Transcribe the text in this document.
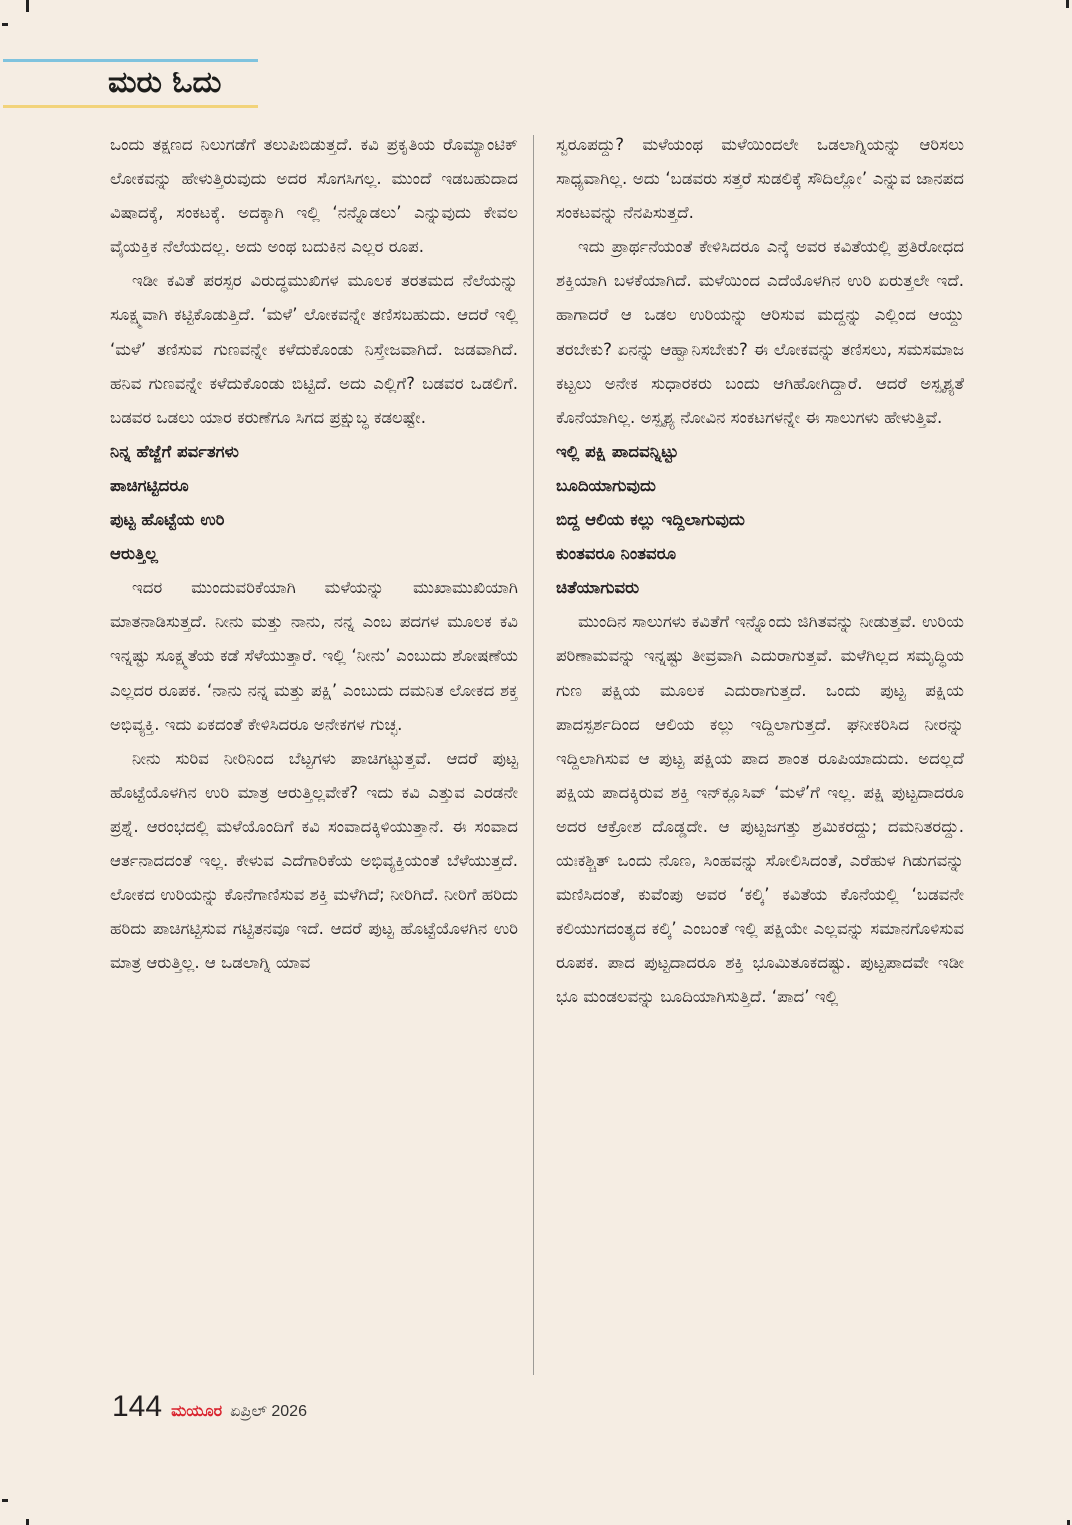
ಮರು ಓದು

ಒಂದು ತಕ್ಷಣದ ನಿಲುಗಡೆಗೆ ತಲುಪಿಬಿಡುತ್ತದೆ. ಕವಿ ಪ್ರಕೃತಿಯ ರೊಮ್ಯಾಂಟಿಕ್ ಲೋಕವನ್ನು ಹೇಳುತ್ತಿರುವುದು ಅದರ ಸೊಗಸಿಗಲ್ಲ. ಮುಂದೆ ಇಡಬಹುದಾದ ವಿಷಾದಕ್ಕೆ, ಸಂಕಟಕ್ಕೆ. ಅದಕ್ಕಾಗಿ ಇಲ್ಲಿ ‘ನನ್ನೊಡಲು’ ಎನ್ನುವುದು ಕೇವಲ ವೈಯಕ್ತಿಕ ನೆಲೆಯದಲ್ಲ. ಅದು ಅಂಥ ಬದುಕಿನ ಎಲ್ಲರ ರೂಪ.

ಇಡೀ ಕವಿತೆ ಪರಸ್ಪರ ವಿರುದ್ಧಮುಖಿಗಳ ಮೂಲಕ ತರತಮದ ನೆಲೆಯನ್ನು ಸೂಕ್ಷ್ಮವಾಗಿ ಕಟ್ಟಿಕೊಡುತ್ತಿದೆ. ‘ಮಳೆ’ ಲೋಕವನ್ನೇ ತಣಿಸಬಹುದು. ಆದರೆ ಇಲ್ಲಿ ‘ಮಳೆ’ ತಣಿಸುವ ಗುಣವನ್ನೇ ಕಳೆದುಕೊಂಡು ನಿಸ್ತೇಜವಾಗಿದೆ. ಜಡವಾಗಿದೆ. ಹನಿವ ಗುಣವನ್ನೇ ಕಳೆದುಕೊಂಡು ಬಿಟ್ಟಿದೆ. ಅದು ಎಲ್ಲಿಗೆ? ಬಡವರ ಒಡಲಿಗೆ. ಬಡವರ ಒಡಲು ಯಾರ ಕರುಣೆಗೂ ಸಿಗದ ಪ್ರಕ್ಷುಬ್ಧ ಕಡಲಷ್ಟೇ.

ನಿನ್ನ ಹೆಜ್ಜೆಗೆ ಪರ್ವತಗಳು
ಪಾಚಿಗಟ್ಟಿದರೂ
ಪುಟ್ಟ ಹೊಟ್ಟೆಯ ಉರಿ
ಆರುತ್ತಿಲ್ಲ

ಇದರ ಮುಂದುವರಿಕೆಯಾಗಿ ಮಳೆಯನ್ನು ಮುಖಾಮುಖಿಯಾಗಿ ಮಾತನಾಡಿಸುತ್ತದೆ. ನೀನು ಮತ್ತು ನಾನು, ನನ್ನ ಎಂಬ ಪದಗಳ ಮೂಲಕ ಕವಿ ಇನ್ನಷ್ಟು ಸೂಕ್ಷ್ಮತೆಯ ಕಡೆ ಸೆಳೆಯುತ್ತಾರೆ. ಇಲ್ಲಿ ‘ನೀನು’ ಎಂಬುದು ಶೋಷಣೆಯ ಎಲ್ಲದರ ರೂಪಕ. ‘ನಾನು ನನ್ನ ಮತ್ತು ಪಕ್ಷಿ’ ಎಂಬುದು ದಮನಿತ ಲೋಕದ ಶಕ್ತ ಅಭಿವ್ಯಕ್ತಿ. ಇದು ಏಕದಂತೆ ಕೇಳಿಸಿದರೂ ಅನೇಕಗಳ ಗುಚ್ಛ.

ನೀನು ಸುರಿವ ನೀರಿನಿಂದ ಬೆಟ್ಟಗಳು ಪಾಚಿಗಟ್ಟುತ್ತವೆ. ಆದರೆ ಪುಟ್ಟ ಹೊಟ್ಟೆಯೊಳಗಿನ ಉರಿ ಮಾತ್ರ ಆರುತ್ತಿಲ್ಲವೇಕೆ? ಇದು ಕವಿ ಎತ್ತುವ ಎರಡನೇ ಪ್ರಶ್ನೆ. ಆರಂಭದಲ್ಲಿ ಮಳೆಯೊಂದಿಗೆ ಕವಿ ಸಂವಾದಕ್ಕಿಳಿಯುತ್ತಾನೆ. ಈ ಸಂವಾದ ಆರ್ತನಾದದಂತೆ ಇಲ್ಲ. ಕೇಳುವ ಎದೆಗಾರಿಕೆಯ ಅಭಿವ್ಯಕ್ತಿಯಂತೆ ಬೆಳೆಯುತ್ತದೆ. ಲೋಕದ ಉರಿಯನ್ನು ಕೊನೆಗಾಣಿಸುವ ಶಕ್ತಿ ಮಳೆಗಿದೆ; ನೀರಿಗಿದೆ. ನೀರಿಗೆ ಹರಿದು ಹರಿದು ಪಾಚಿಗಟ್ಟಿಸುವ ಗಟ್ಟಿತನವೂ ಇದೆ. ಆದರೆ ಪುಟ್ಟ ಹೊಟ್ಟೆಯೊಳಗಿನ ಉರಿ ಮಾತ್ರ ಆರುತ್ತಿಲ್ಲ. ಆ ಒಡಲಾಗ್ನಿ ಯಾವ

ಸ್ವರೂಪದ್ದು? ಮಳೆಯಂಥ ಮಳೆಯಿಂದಲೇ ಒಡಲಾಗ್ನಿಯನ್ನು ಆರಿಸಲು ಸಾಧ್ಯವಾಗಿಲ್ಲ. ಅದು ‘ಬಡವರು ಸತ್ತರೆ ಸುಡಲಿಕ್ಕೆ ಸೌದಿಲ್ಲೋ’ ಎನ್ನುವ ಜಾನಪದ ಸಂಕಟವನ್ನು ನೆನಪಿಸುತ್ತದೆ.

ಇದು ಪ್ರಾರ್ಥನೆಯಂತೆ ಕೇಳಿಸಿದರೂ ಎನ್ಕೆ ಅವರ ಕವಿತೆಯಲ್ಲಿ ಪ್ರತಿರೋಧದ ಶಕ್ತಿಯಾಗಿ ಬಳಕೆಯಾಗಿದೆ. ಮಳೆಯಿಂದ ಎದೆಯೊಳಗಿನ ಉರಿ ಏರುತ್ತಲೇ ಇದೆ. ಹಾಗಾದರೆ ಆ ಒಡಲ ಉರಿಯನ್ನು ಆರಿಸುವ ಮದ್ದನ್ನು ಎಲ್ಲಿಂದ ಆಯ್ದು ತರಬೇಕು? ಏನನ್ನು ಆಹ್ವಾನಿಸಬೇಕು? ಈ ಲೋಕವನ್ನು ತಣಿಸಲು, ಸಮಸಮಾಜ ಕಟ್ಟಲು ಅನೇಕ ಸುಧಾರಕರು ಬಂದು ಆಗಿಹೋಗಿದ್ದಾರೆ. ಆದರೆ ಅಸ್ಪೃಶ್ಯತೆ ಕೊನೆಯಾಗಿಲ್ಲ. ಅಸ್ಪೃಶ್ಯ ನೋವಿನ ಸಂಕಟಗಳನ್ನೇ ಈ ಸಾಲುಗಳು ಹೇಳುತ್ತಿವೆ.

ಇಲ್ಲಿ ಪಕ್ಷಿ ಪಾದವನ್ನಿಟ್ಟು
ಬೂದಿಯಾಗುವುದು
ಬಿದ್ದ ಆಲಿಯ ಕಲ್ಲು ಇದ್ದಿಲಾಗುವುದು
ಕುಂತವರೂ ನಿಂತವರೂ
ಚಿತೆಯಾಗುವರು

ಮುಂದಿನ ಸಾಲುಗಳು ಕವಿತೆಗೆ ಇನ್ನೊಂದು ಜಿಗಿತವನ್ನು ನೀಡುತ್ತವೆ. ಉರಿಯ ಪರಿಣಾಮವನ್ನು ಇನ್ನಷ್ಟು ತೀವ್ರವಾಗಿ ಎದುರಾಗುತ್ತವೆ. ಮಳೆಗಿಲ್ಲದ ಸಮೃದ್ಧಿಯ ಗುಣ ಪಕ್ಷಿಯ ಮೂಲಕ ಎದುರಾಗುತ್ತದೆ. ಒಂದು ಪುಟ್ಟ ಪಕ್ಷಿಯ ಪಾದಸ್ಪರ್ಶದಿಂದ ಆಲಿಯ ಕಲ್ಲು ಇದ್ದಿಲಾಗುತ್ತದೆ. ಘನೀಕರಿಸಿದ ನೀರನ್ನು ಇದ್ದಿಲಾಗಿಸುವ ಆ ಪುಟ್ಟ ಪಕ್ಷಿಯ ಪಾದ ಶಾಂತ ರೂಪಿಯಾದುದು. ಅದಲ್ಲದೆ ಪಕ್ಷಿಯ ಪಾದಕ್ಕಿರುವ ಶಕ್ತಿ ಇನ್‌ಕ್ಲೂಸಿವ್ ‘ಮಳೆ’ಗೆ ಇಲ್ಲ. ಪಕ್ಷಿ ಪುಟ್ಟದಾದರೂ ಅದರ ಆಕ್ರೋಶ ದೊಡ್ಡದೇ. ಆ ಪುಟ್ಟಜಗತ್ತು ಶ್ರಮಿಕರದ್ದು; ದಮನಿತರದ್ದು. ಯಃಕಶ್ಚಿತ್ ಒಂದು ನೊಣ, ಸಿಂಹವನ್ನು ಸೋಲಿಸಿದಂತೆ, ಎರೆಹುಳ ಗಿಡುಗವನ್ನು ಮಣಿಸಿದಂತೆ, ಕುವೆಂಪು ಅವರ ‘ಕಲ್ಕಿ’ ಕವಿತೆಯ ಕೊನೆಯಲ್ಲಿ ‘ಬಡವನೇ ಕಲಿಯುಗದಂತ್ಯದ ಕಲ್ಕಿ’ ಎಂಬಂತೆ ಇಲ್ಲಿ ಪಕ್ಷಿಯೇ ಎಲ್ಲವನ್ನು ಸಮಾನಗೊಳಿಸುವ ರೂಪಕ. ಪಾದ ಪುಟ್ಟದಾದರೂ ಶಕ್ತಿ ಭೂಮಿತೂಕದಷ್ಟು. ಪುಟ್ಟಪಾದವೇ ಇಡೀ ಭೂ ಮಂಡಲವನ್ನು ಬೂದಿಯಾಗಿಸುತ್ತಿದೆ. ‘ಪಾದ’ ಇಲ್ಲಿ

144 ಮಯೂರ ಏಪ್ರಿಲ್ 2026
